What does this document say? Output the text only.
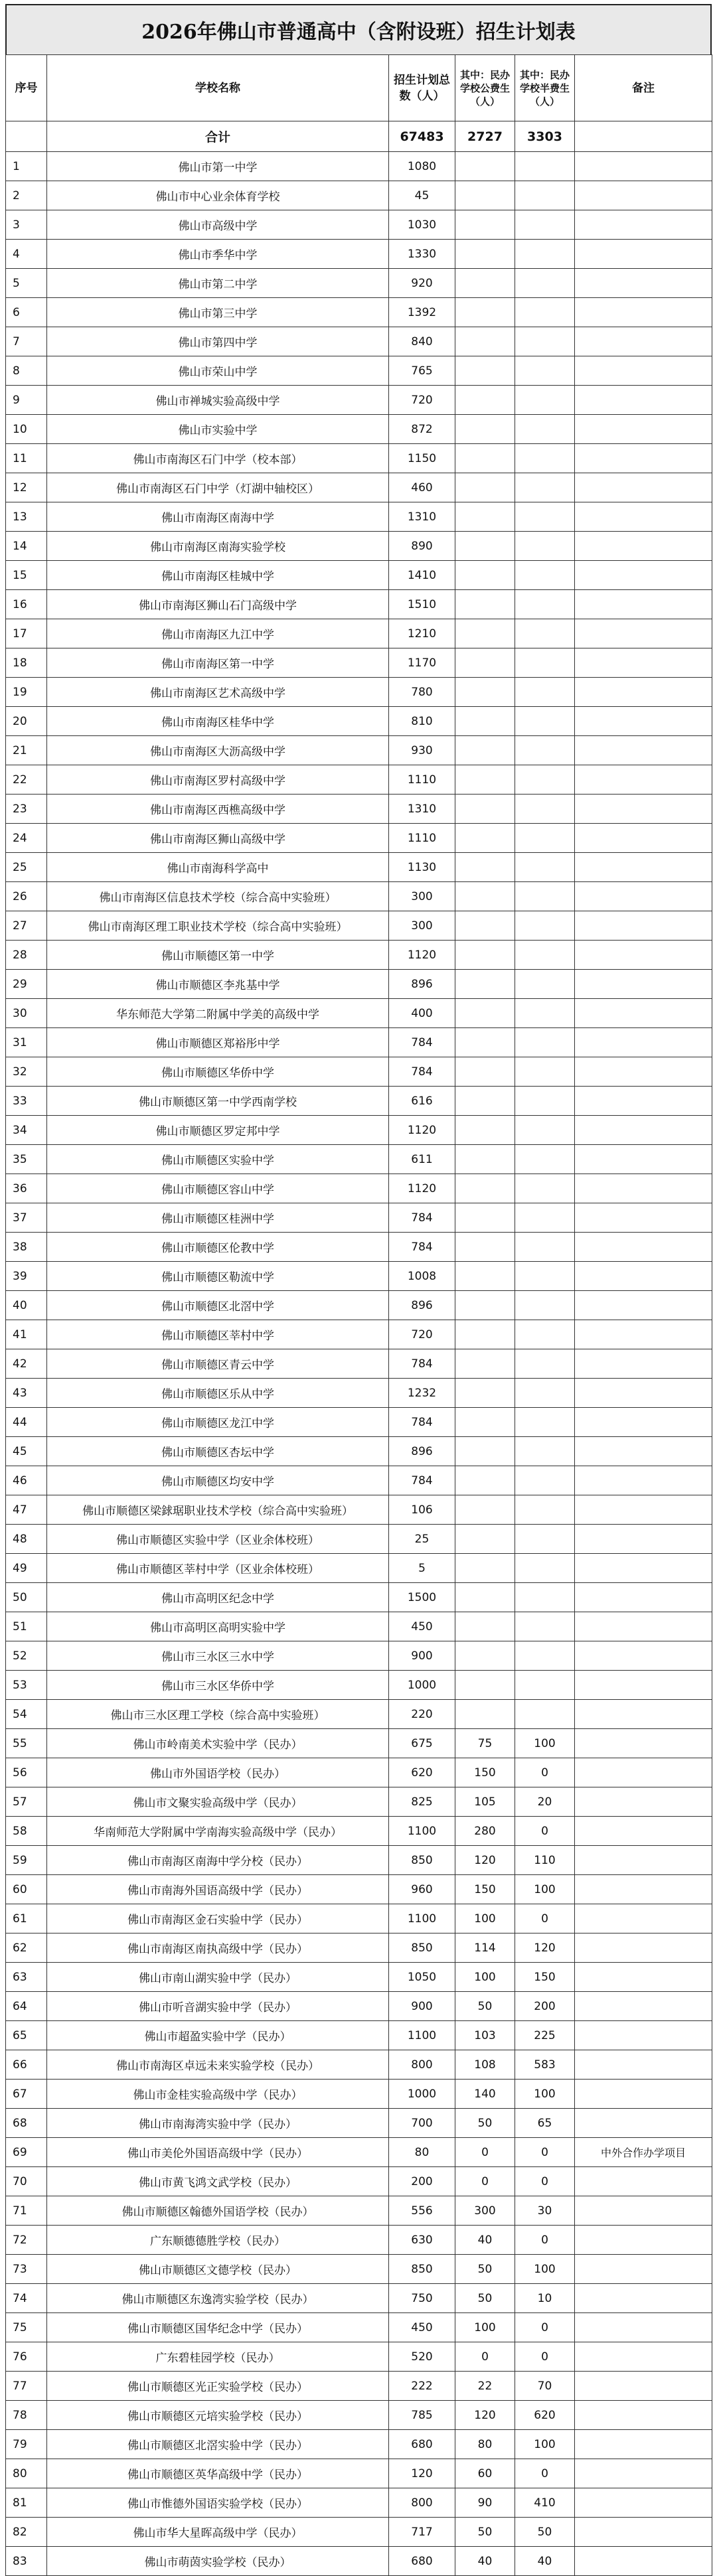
2026年佛山市普通高中（含附设班）招生计划表
序号	学校名称	招生计划总数（人）	其中：民办学校公费生（人）	其中：民办学校半费生（人）	备注
	合计	67483	2727	3303	
1	佛山市第一中学	1080			
2	佛山市中心业余体育学校	45			
3	佛山市高级中学	1030			
4	佛山市季华中学	1330			
5	佛山市第二中学	920			
6	佛山市第三中学	1392			
7	佛山市第四中学	840			
8	佛山市荣山中学	765			
9	佛山市禅城实验高级中学	720			
10	佛山市实验中学	872			
11	佛山市南海区石门中学（校本部）	1150			
12	佛山市南海区石门中学（灯湖中轴校区）	460			
13	佛山市南海区南海中学	1310			
14	佛山市南海区南海实验学校	890			
15	佛山市南海区桂城中学	1410			
16	佛山市南海区狮山石门高级中学	1510			
17	佛山市南海区九江中学	1210			
18	佛山市南海区第一中学	1170			
19	佛山市南海区艺术高级中学	780			
20	佛山市南海区桂华中学	810			
21	佛山市南海区大沥高级中学	930			
22	佛山市南海区罗村高级中学	1110			
23	佛山市南海区西樵高级中学	1310			
24	佛山市南海区狮山高级中学	1110			
25	佛山市南海科学高中	1130			
26	佛山市南海区信息技术学校（综合高中实验班）	300			
27	佛山市南海区理工职业技术学校（综合高中实验班）	300			
28	佛山市顺德区第一中学	1120			
29	佛山市顺德区李兆基中学	896			
30	华东师范大学第二附属中学美的高级中学	400			
31	佛山市顺德区郑裕彤中学	784			
32	佛山市顺德区华侨中学	784			
33	佛山市顺德区第一中学西南学校	616			
34	佛山市顺德区罗定邦中学	1120			
35	佛山市顺德区实验中学	611			
36	佛山市顺德区容山中学	1120			
37	佛山市顺德区桂洲中学	784			
38	佛山市顺德区伦教中学	784			
39	佛山市顺德区勒流中学	1008			
40	佛山市顺德区北滘中学	896			
41	佛山市顺德区莘村中学	720			
42	佛山市顺德区青云中学	784			
43	佛山市顺德区乐从中学	1232			
44	佛山市顺德区龙江中学	784			
45	佛山市顺德区杏坛中学	896			
46	佛山市顺德区均安中学	784			
47	佛山市顺德区梁銶琚职业技术学校（综合高中实验班）	106			
48	佛山市顺德区实验中学（区业余体校班）	25			
49	佛山市顺德区莘村中学（区业余体校班）	5			
50	佛山市高明区纪念中学	1500			
51	佛山市高明区高明实验中学	450			
52	佛山市三水区三水中学	900			
53	佛山市三水区华侨中学	1000			
54	佛山市三水区理工学校（综合高中实验班）	220			
55	佛山市岭南美术实验中学（民办）	675	75	100	
56	佛山市外国语学校（民办）	620	150	0	
57	佛山市文聚实验高级中学（民办）	825	105	20	
58	华南师范大学附属中学南海实验高级中学（民办）	1100	280	0	
59	佛山市南海区南海中学分校（民办）	850	120	110	
60	佛山市南海外国语高级中学（民办）	960	150	100	
61	佛山市南海区金石实验中学（民办）	1100	100	0	
62	佛山市南海区南执高级中学（民办）	850	114	120	
63	佛山市南山湖实验中学（民办）	1050	100	150	
64	佛山市听音湖实验中学（民办）	900	50	200	
65	佛山市超盈实验中学（民办）	1100	103	225	
66	佛山市南海区卓远未来实验学校（民办）	800	108	583	
67	佛山市金桂实验高级中学（民办）	1000	140	100	
68	佛山市南海湾实验中学（民办）	700	50	65	
69	佛山市美伦外国语高级中学（民办）	80	0	0	中外合作办学项目
70	佛山市黄飞鸿文武学校（民办）	200	0	0	
71	佛山市顺德区翰德外国语学校（民办）	556	300	30	
72	广东顺德德胜学校（民办）	630	40	0	
73	佛山市顺德区文德学校（民办）	850	50	100	
74	佛山市顺德区东逸湾实验学校（民办）	750	50	10	
75	佛山市顺德区国华纪念中学（民办）	450	100	0	
76	广东碧桂园学校（民办）	520	0	0	
77	佛山市顺德区光正实验学校（民办）	222	22	70	
78	佛山市顺德区元培实验学校（民办）	785	120	620	
79	佛山市顺德区北滘实验中学（民办）	680	80	100	
80	佛山市顺德区英华高级中学（民办）	120	60	0	
81	佛山市惟德外国语实验学校（民办）	800	90	410	
82	佛山市华大星晖高级中学（民办）	717	50	50	
83	佛山市萌茵实验学校（民办）	680	40	40	
